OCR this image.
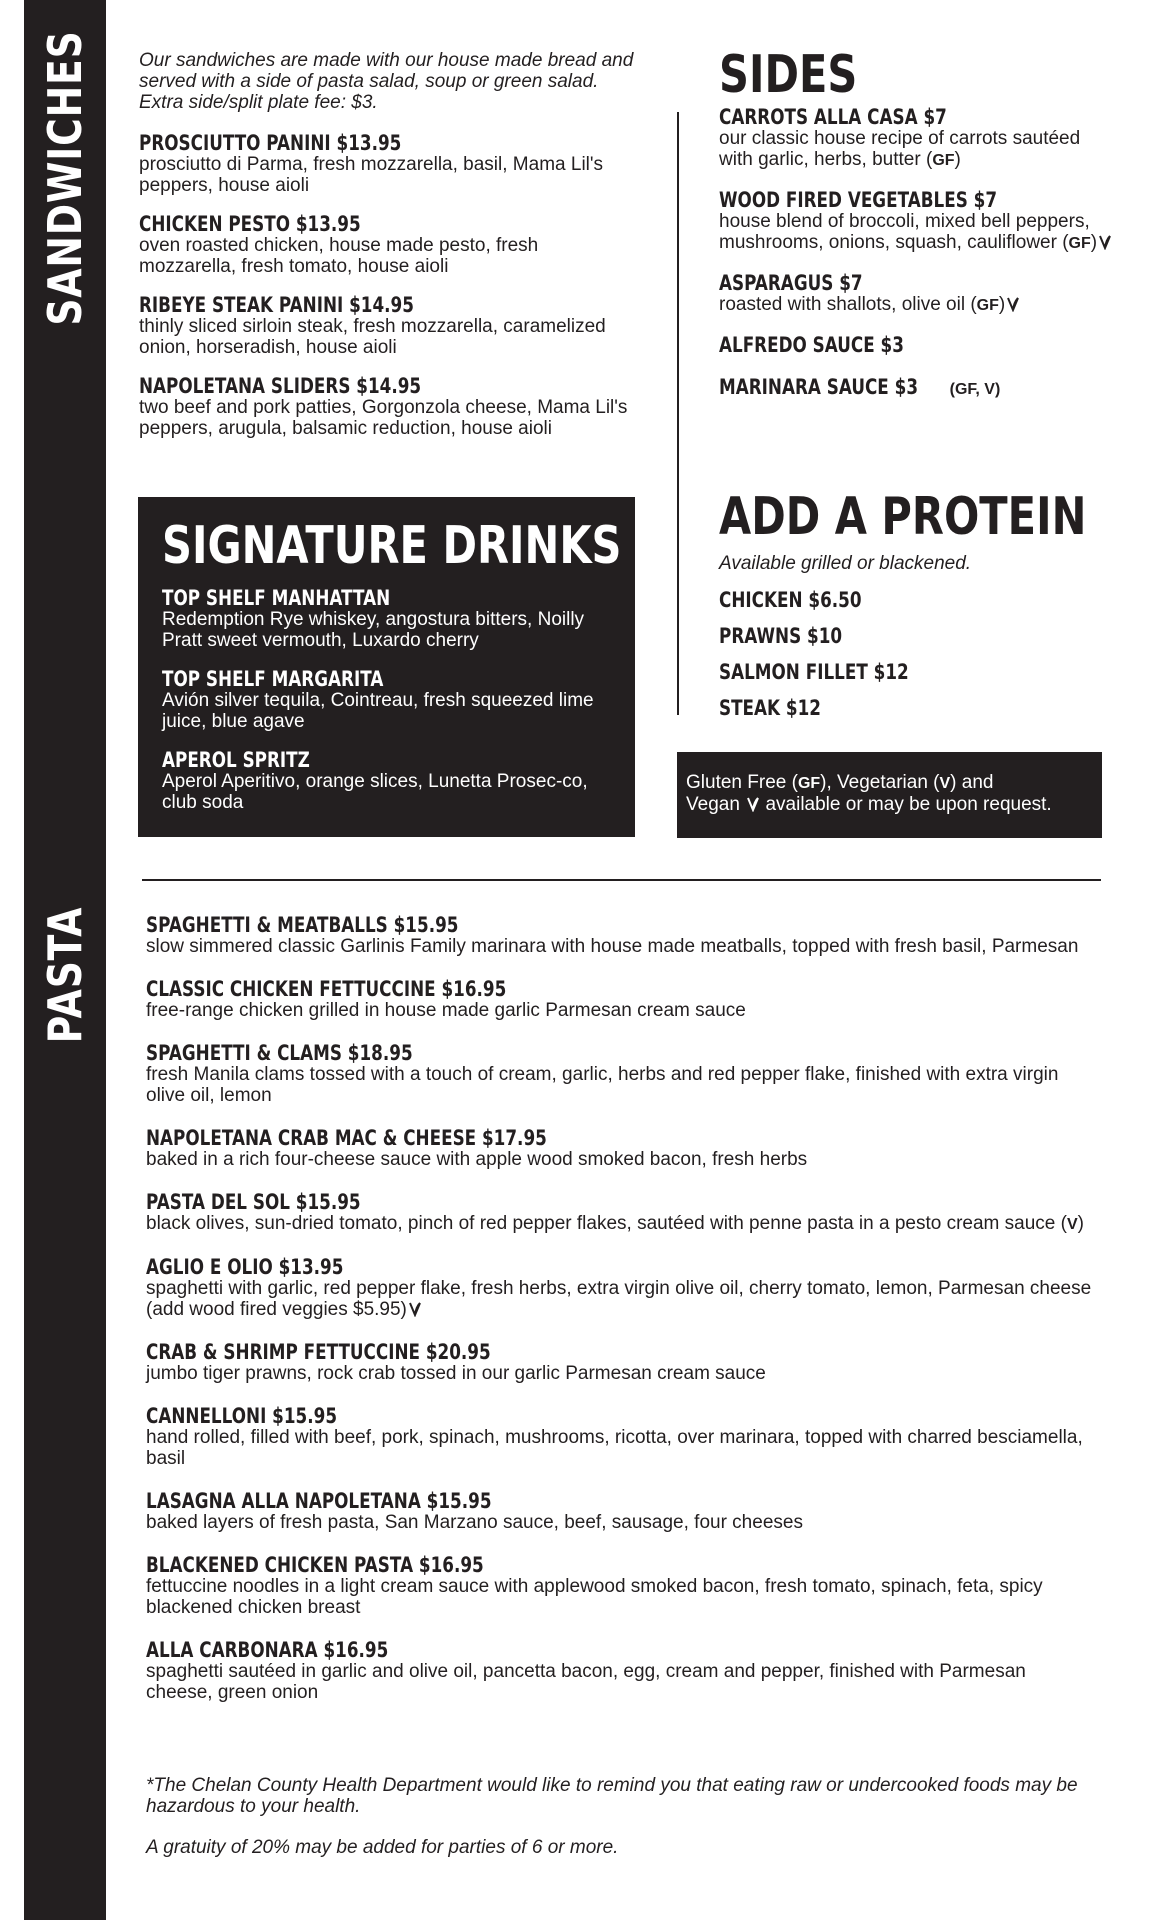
SANDWICHES
PASTA
Our sandwiches are made with our house made bread and served with a side of pasta salad, soup or green salad. Extra side/split plate fee: $3.
PROSCIUTTO PANINI $13.95
prosciutto di Parma, fresh mozzarella, basil, Mama Lil's peppers, house aioli
CHICKEN PESTO $13.95
oven roasted chicken, house made pesto, fresh mozzarella, fresh tomato, house aioli
RIBEYE STEAK PANINI $14.95
thinly sliced sirloin steak, fresh mozzarella, caramelized onion, horseradish, house aioli
NAPOLETANA SLIDERS $14.95
two beef and pork patties, Gorgonzola cheese, Mama Lil's peppers, arugula, balsamic reduction, house aioli
SIGNATURE DRINKS
TOP SHELF MANHATTAN
Redemption Rye whiskey, angostura bitters, Noilly Pratt sweet vermouth, Luxardo cherry
TOP SHELF MARGARITA
Avión silver tequila, Cointreau, fresh squeezed lime juice, blue agave
APEROL SPRITZ
Aperol Aperitivo, orange slices, Lunetta Prosec-co, club soda
SIDES
CARROTS ALLA CASA $7
our classic house recipe of carrots sautéed with garlic, herbs, butter (GF)
WOOD FIRED VEGETABLES $7
house blend of broccoli, mixed bell peppers, mushrooms, onions, squash, cauliflower (GF)
ASPARAGUS $7
roasted with shallots, olive oil (GF)
ALFREDO SAUCE $3
MARINARA SAUCE $3 (GF, V)
ADD A PROTEIN
Available grilled or blackened.
CHICKEN $6.50
PRAWNS $10
SALMON FILLET $12
STEAK $12
Gluten Free (GF), Vegetarian (V) and
Vegan available or may be upon request.
SPAGHETTI & MEATBALLS $15.95
slow simmered classic Garlinis Family marinara with house made meatballs, topped with fresh basil, Parmesan
CLASSIC CHICKEN FETTUCCINE $16.95
free-range chicken grilled in house made garlic Parmesan cream sauce
SPAGHETTI & CLAMS $18.95
fresh Manila clams tossed with a touch of cream, garlic, herbs and red pepper flake, finished with extra virgin olive oil, lemon
NAPOLETANA CRAB MAC & CHEESE $17.95
baked in a rich four-cheese sauce with apple wood smoked bacon, fresh herbs
PASTA DEL SOL $15.95
black olives, sun-dried tomato, pinch of red pepper flakes, sautéed with penne pasta in a pesto cream sauce (V)
AGLIO E OLIO $13.95
spaghetti with garlic, red pepper flake, fresh herbs, extra virgin olive oil, cherry tomato, lemon, Parmesan cheese (add wood fired veggies $5.95)
CRAB & SHRIMP FETTUCCINE $20.95
jumbo tiger prawns, rock crab tossed in our garlic Parmesan cream sauce
CANNELLONI $15.95
hand rolled, filled with beef, pork, spinach, mushrooms, ricotta, over marinara, topped with charred besciamella, basil
LASAGNA ALLA NAPOLETANA $15.95
baked layers of fresh pasta, San Marzano sauce, beef, sausage, four cheeses
BLACKENED CHICKEN PASTA $16.95
fettuccine noodles in a light cream sauce with applewood smoked bacon, fresh tomato, spinach, feta, spicy blackened chicken breast
ALLA CARBONARA $16.95
spaghetti sautéed in garlic and olive oil, pancetta bacon, egg, cream and pepper, finished with Parmesan cheese, green onion
*The Chelan County Health Department would like to remind you that eating raw or undercooked foods may be hazardous to your health.
A gratuity of 20% may be added for parties of 6 or more.
